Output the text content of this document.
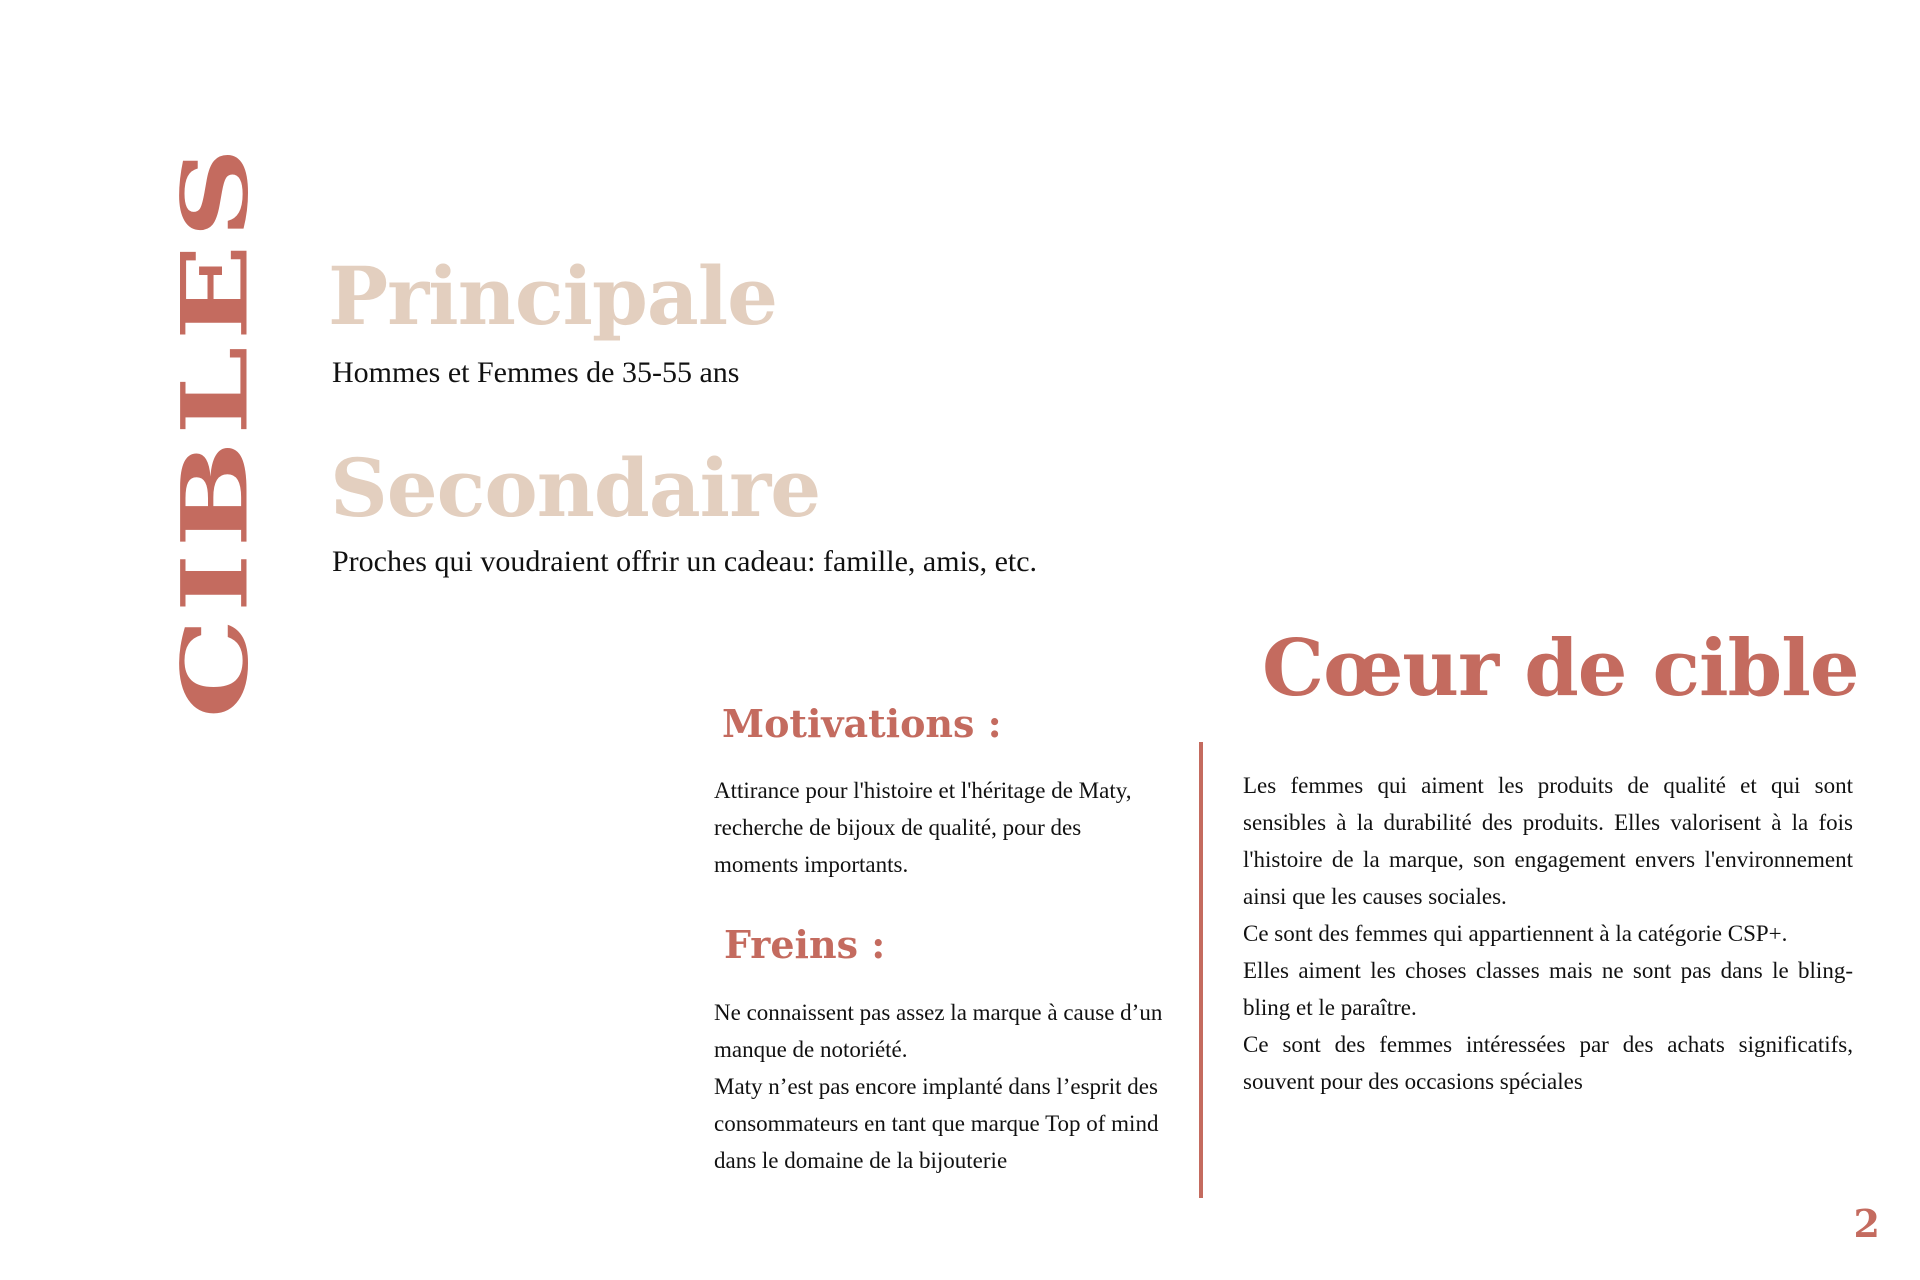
CIBLES Principale
Hommes et Femmes de 35-55 ans
Secondaire
Proches qui voudraient offrir un cadeau: famille, amis, etc.
Cœur de cible
Motivations :

Attirance pour l'histoire et l'héritage de Maty, recherche de bijoux de qualité, pour des moments importants.

Freins :

Ne connaissent pas assez la marque à cause d’un manque de notoriété.

Maty n’est pas encore implanté dans l’esprit des consommateurs en tant que marque Top of mind dans le domaine de la bijouterie

Les femmes qui aiment les produits de qualité et qui sont sensibles à la durabilité des produits. Elles valorisent à la fois l'histoire de la marque, son engagement envers l'environnement ainsi que les causes sociales.

Ce sont des femmes qui appartiennent à la catégorie CSP+.

Elles aiment les choses classes mais ne sont pas dans le bling-bling et le paraître.

Ce sont des femmes intéressées par des achats significatifs, souvent pour des occasions spéciales

2
